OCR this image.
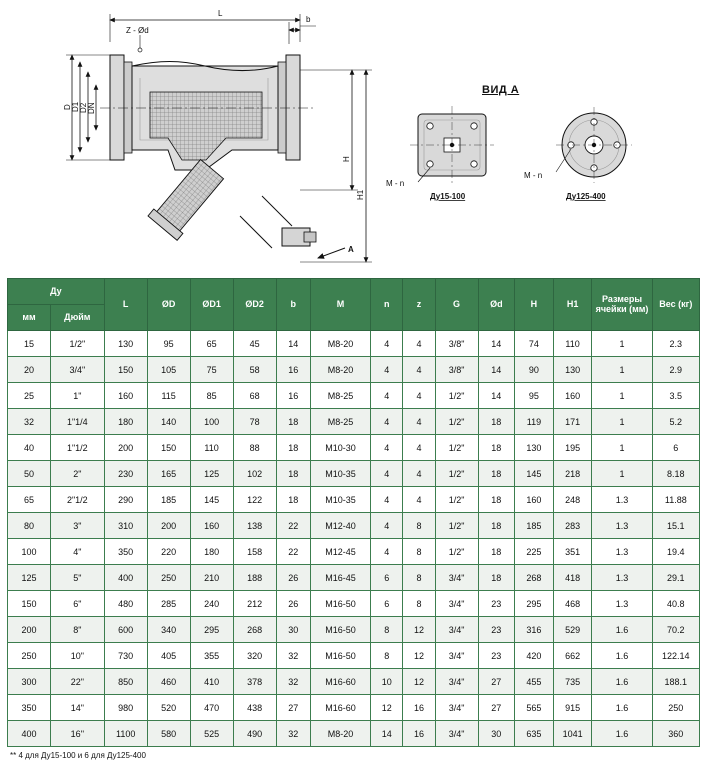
L
b
Z - Ød
D D1 D2 DN
A
H
H1
M - n
Ду15-100
M - n
Ду125-400
ВИД А
Ду		L	ØD	ØD1	ØD2	b	M	n	z	G	Ød	H	H1	Размеры ячейки (мм)	Вес (кг)
мм	Дюйм														
15	1/2"	130	95	65	45	14	M8-20	4	4	3/8"	14	74	110	1	2.3
20	3/4"	150	105	75	58	16	M8-20	4	4	3/8"	14	90	130	1	2.9
25	1"	160	115	85	68	16	M8-25	4	4	1/2"	14	95	160	1	3.5
32	1"1/4	180	140	100	78	18	M8-25	4	4	1/2"	18	119	171	1	5.2
40	1"1/2	200	150	110	88	18	M10-30	4	4	1/2"	18	130	195	1	6
50	2"	230	165	125	102	18	M10-35	4	4	1/2"	18	145	218	1	8.18
65	2"1/2	290	185	145	122	18	M10-35	4	4	1/2"	18	160	248	1.3	11.88
80	3"	310	200	160	138	22	M12-40	4	8	1/2"	18	185	283	1.3	15.1
100	4"	350	220	180	158	22	M12-45	4	8	1/2"	18	225	351	1.3	19.4
125	5"	400	250	210	188	26	M16-45	6	8	3/4"	18	268	418	1.3	29.1
150	6"	480	285	240	212	26	M16-50	6	8	3/4"	23	295	468	1.3	40.8
200	8"	600	340	295	268	30	M16-50	8	12	3/4"	23	316	529	1.6	70.2
250	10"	730	405	355	320	32	M16-50	8	12	3/4"	23	420	662	1.6	122.14
300	22"	850	460	410	378	32	M16-60	10	12	3/4"	27	455	735	1.6	188.1
350	14"	980	520	470	438	27	M16-60	12	16	3/4"	27	565	915	1.6	250
400	16''	1100	580	525	490	32	M8-20	14	16	3/4"	30	635	1041	1.6	360
** 4 для Ду15-100 и 6 для Ду125-400
